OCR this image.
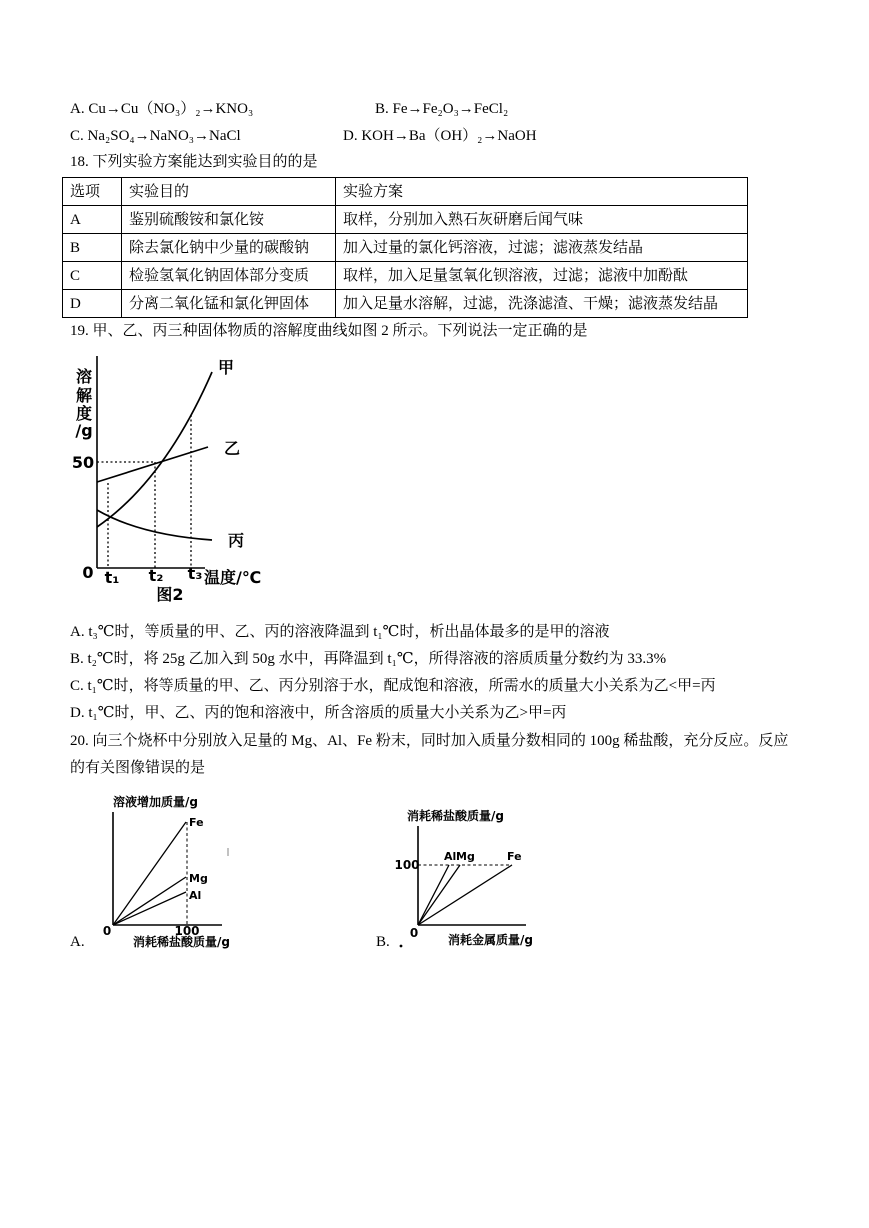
A. Cu→Cu（NO₃）₂→KNO₃	B. Fe→Fe₂O₃→FeCl₂
C. Na₂SO₄→NaNO₃→NaCl	D. KOH→Ba（OH）₂→NaOH
18. 下列实验方案能达到实验目的的是
选项	实验目的	实验方案
A	鉴别硫酸铵和氯化铵	取样，分别加入熟石灰研磨后闻气味
B	除去氯化钠中少量的碳酸钠	加入过量的氯化钙溶液，过滤；滤液蒸发结晶
C	检验氢氧化钠固体部分变质	取样，加入足量氢氧化钡溶液，过滤；滤液中加酚酞
D	分离二氧化锰和氯化钾固体	加入足量水溶解，过滤，洗涤滤渣、干燥；滤液蒸发结晶
19. 甲、乙、丙三种固体物质的溶解度曲线如图 2 所示。下列说法一定正确的是
溶
解
度
/g
50
0 t₁ t₂ t₃ 温度/℃
图2
甲
乙
丙
A. t₃℃时，等质量的甲、乙、丙的溶液降温到 t₁℃时，析出晶体最多的是甲的溶液
B. t₂℃时，将 25g 乙加入到 50g 水中，再降温到 t₁℃，所得溶液的溶质质量分数约为 33.3%
C. t₁℃时，将等质量的甲、乙、丙分别溶于水，配成饱和溶液，所需水的质量大小关系为乙<甲=丙
D. t₁℃时，甲、乙、丙的饱和溶液中，所含溶质的质量大小关系为乙>甲=丙
20. 向三个烧杯中分别放入足量的 Mg、Al、Fe 粉末，同时加入质量分数相同的 100g 稀盐酸，充分反应。反应
的有关图像错误的是
溶液增加质量/g
Fe
Mg
Al
0	100
消耗稀盐酸质量/g
A.
消耗稀盐酸质量/g
Al Mg	Fe
100
0 消耗金属质量/g
B.
